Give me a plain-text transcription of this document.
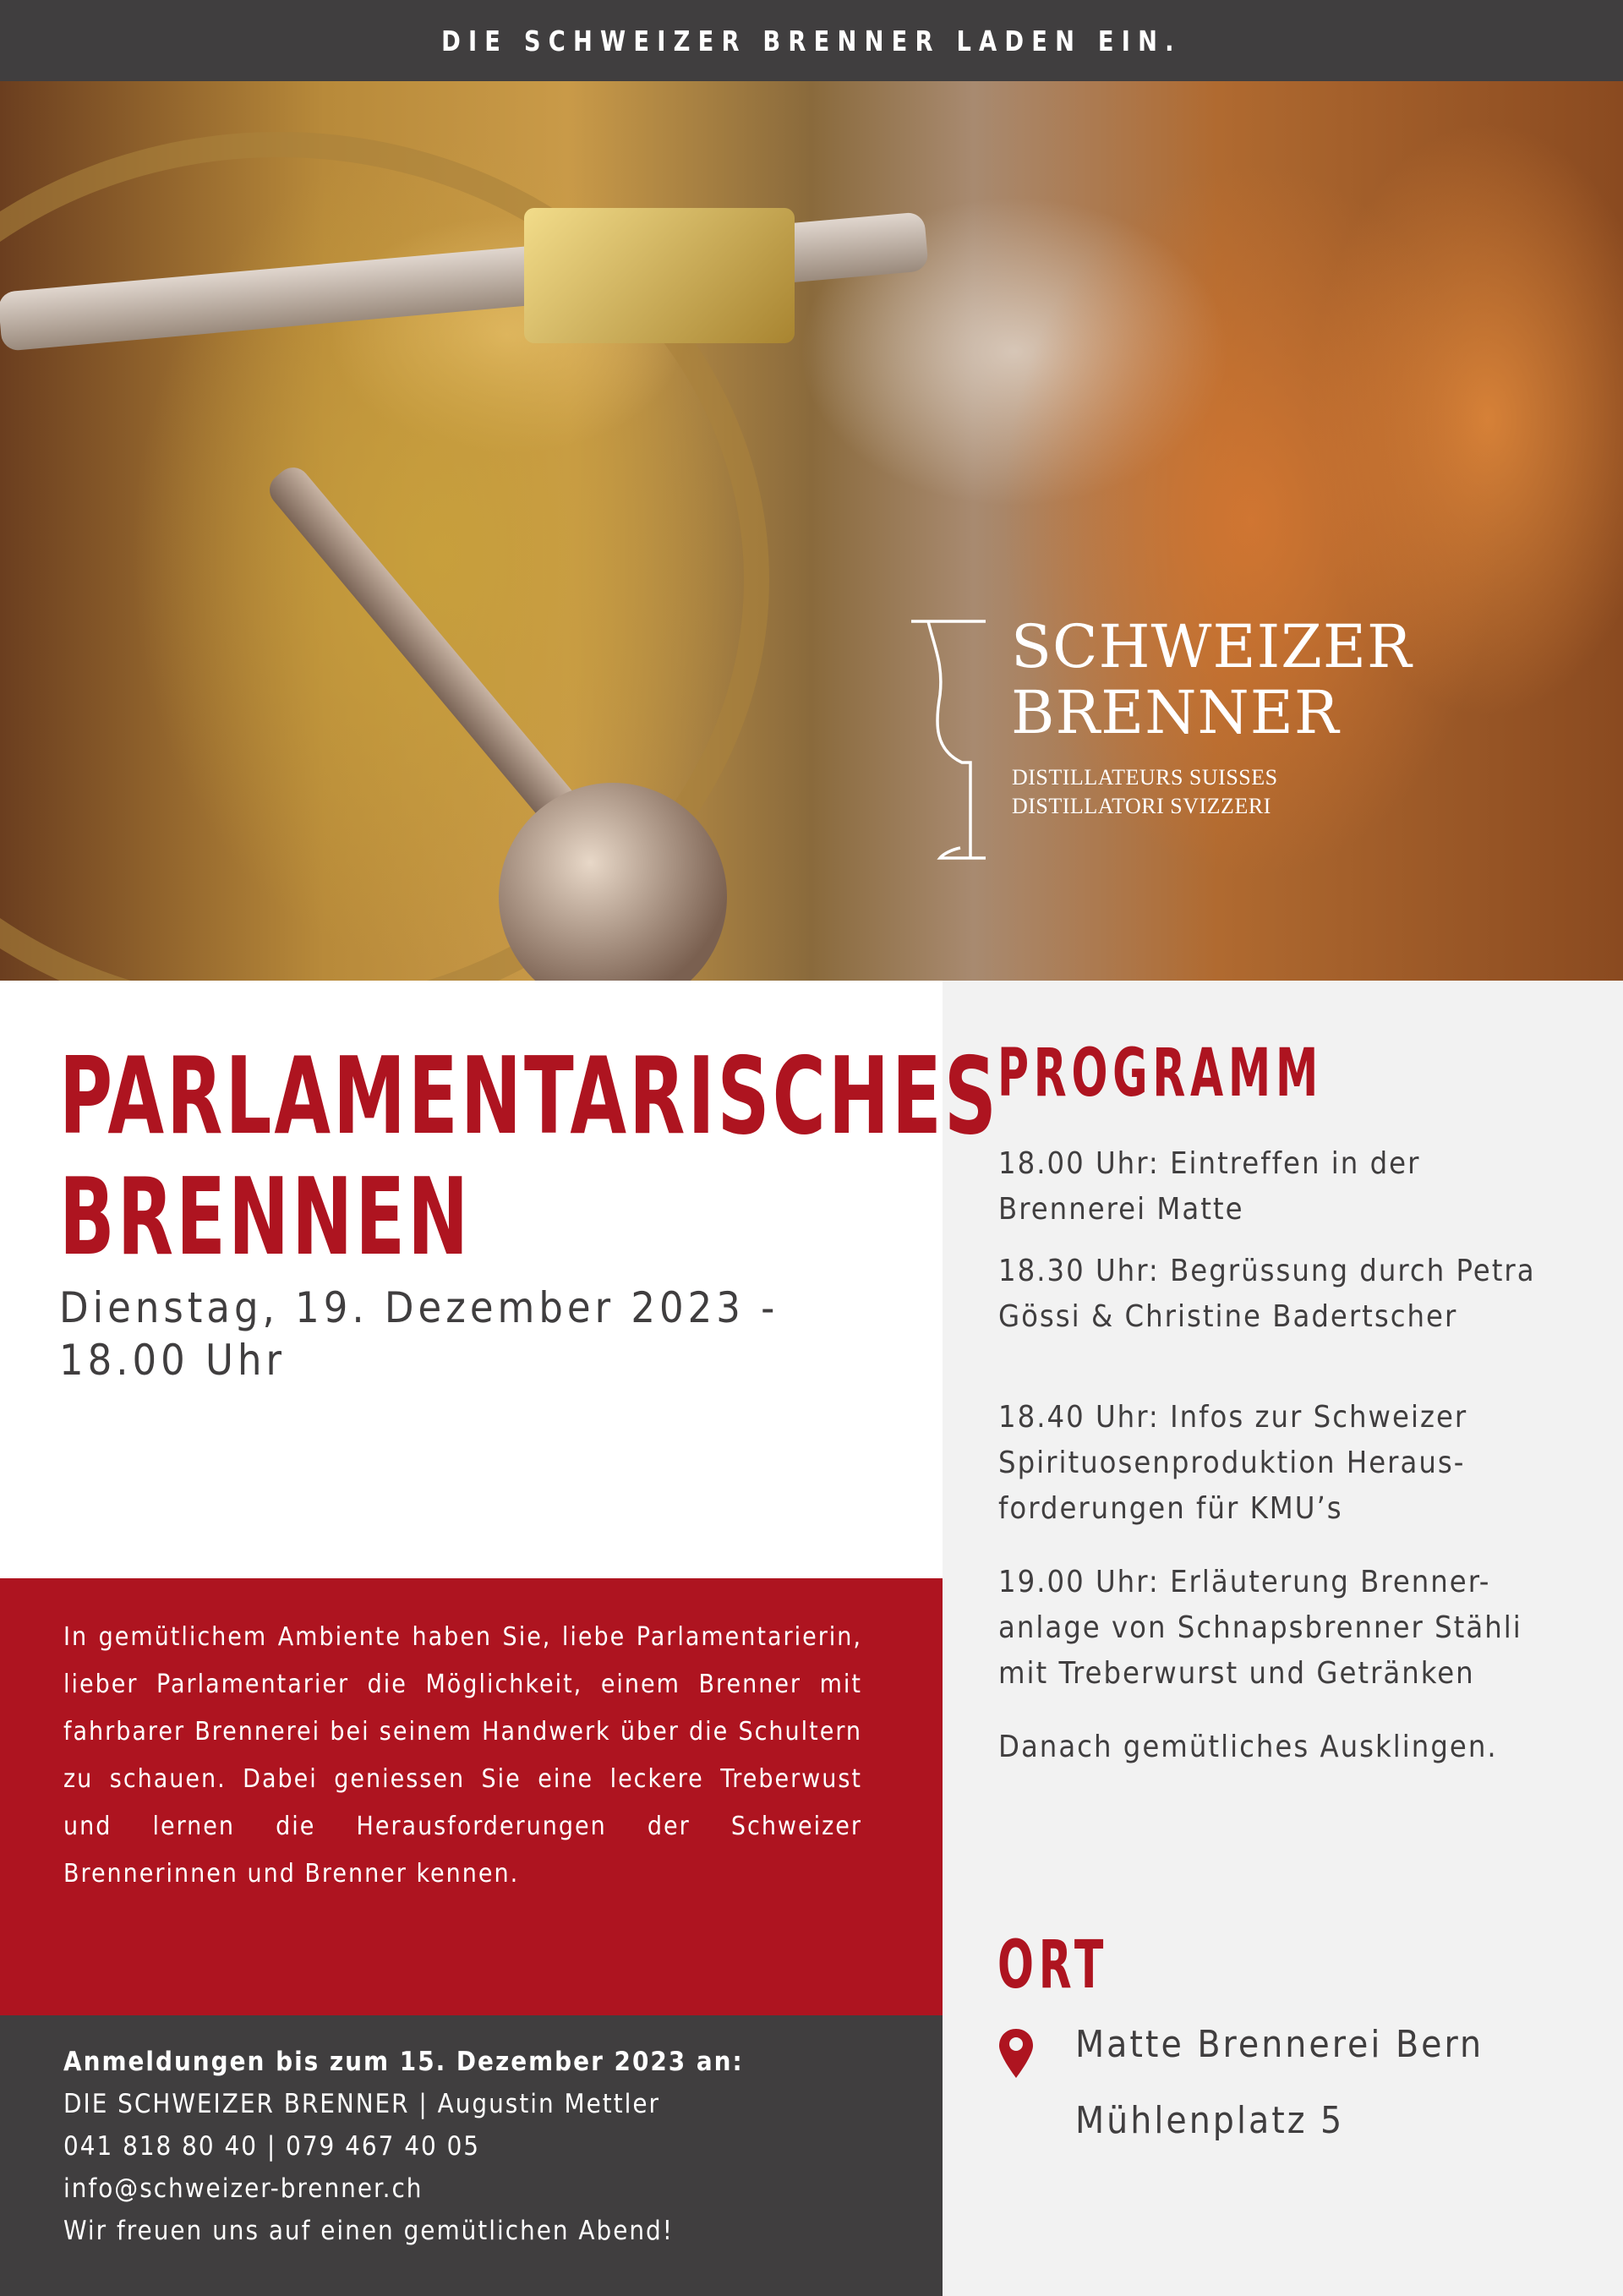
DIE SCHWEIZER BRENNER LADEN EIN.
SCHWEIZER
BRENNER
DISTILLATEURS SUISSES
DISTILLATORI SVIZZERI
PARLAMENTARISCHES
BRENNEN
Dienstag, 19. Dezember 2023 -
18.00 Uhr

In gemütlichem Ambiente haben Sie, liebe Parlamentarierin, lieber Parlamentarier die Möglichkeit, einem Brenner mit fahrbarer Brennerei bei seinem Handwerk über die Schultern zu schauen. Dabei geniessen Sie eine leckere Treberwust und lernen die Herausforderungen der Schweizer Brennerinnen und Brenner kennen.

Anmeldungen bis zum 15. Dezember 2023 an:
DIE SCHWEIZER BRENNER | Augustin Mettler
041 818 80 40 | 079 467 40 05
info@schweizer-brenner.ch
Wir freuen uns auf einen gemütlichen Abend!
PROGRAMM
18.00 Uhr: Eintreffen in der
Brennerei Matte
18.30 Uhr: Begrüssung durch Petra
Gössi & Christine Badertscher
18.40 Uhr: Infos zur Schweizer
Spirituosenproduktion Heraus-
forderungen für KMU’s
19.00 Uhr: Erläuterung Brenner-
anlage von Schnapsbrenner Stähli
mit Treberwurst und Getränken
Danach gemütliches Ausklingen.
ORT
Matte Brennerei Bern
Mühlenplatz 5
